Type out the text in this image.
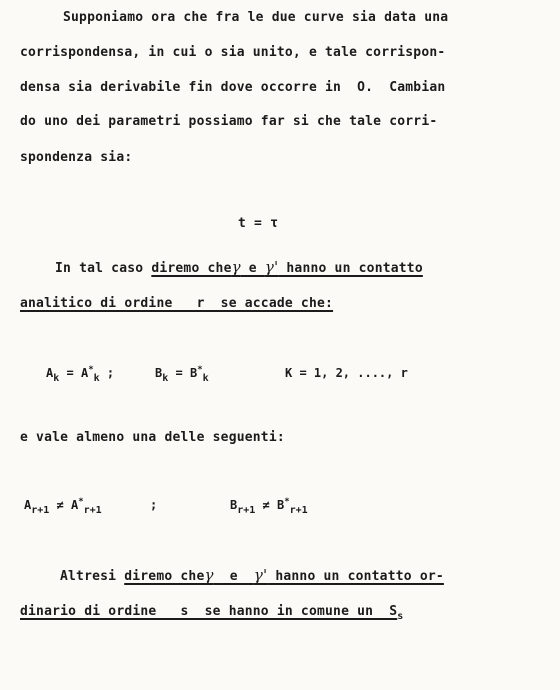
Supponiamo ora che fra le due curve sia data una
corrispondensa, in cui o sia unito, e tale corrispon-
densa sia derivabile fin dove occorre in  O.  Cambian
do uno dei parametri possiamo far si che tale corri-
spondenza sia:
t = τ
In tal caso diremo cheγ e γ' hanno un contatto
analitico di ordine   r  se accade che:
$A_k = A^*_k$ ;	$B_k = B^*_k$	K = 1, 2, ...., r
e vale almeno una delle seguenti:
$A_{r+1} \ne A^*_{r+1}$	;	$B_{r+1} \ne B^*_{r+1}$
Altresi diremo cheγ  e  γ' hanno un contatto or-
dinario di ordine   s  se hanno in comune un  $S_s$
